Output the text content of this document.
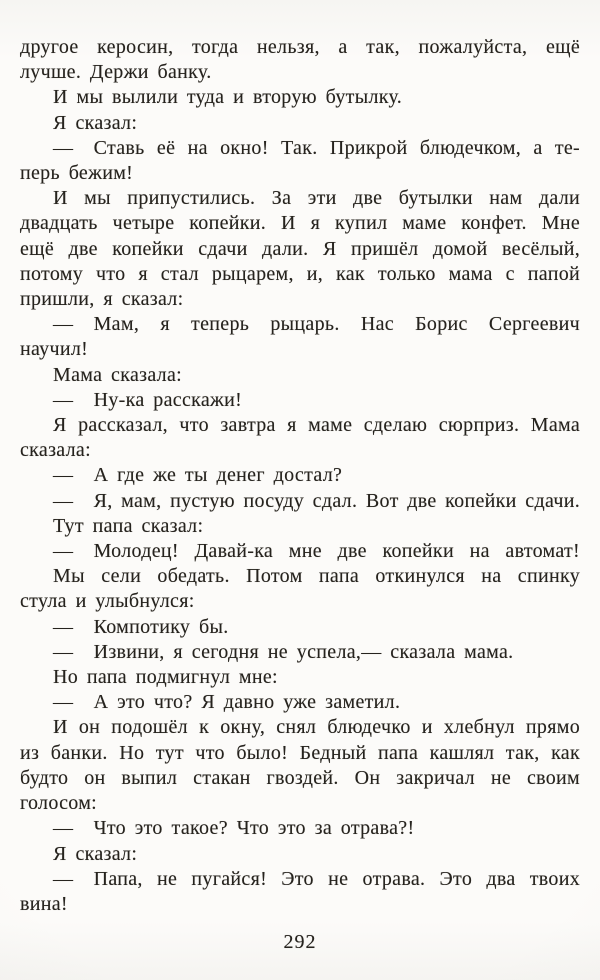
другое керосин, тогда нельзя, а так, пожалуйста, ещё
лучше. Держи банку.
И мы вылили туда и вторую бутылку.
Я сказал:
— Ставь её на окно! Так. Прикрой блюдечком, а те-
перь бежим!
И мы припустились. За эти две бутылки нам дали
двадцать четыре копейки. И я купил маме конфет. Мне
ещё две копейки сдачи дали. Я пришёл домой весёлый,
потому что я стал рыцарем, и, как только мама с папой
пришли, я сказал:
— Мам, я теперь рыцарь. Нас Борис Сергеевич
научил!
Мама сказала:
— Ну-ка расскажи!
Я рассказал, что завтра я маме сделаю сюрприз. Мама
сказала:
— А где же ты денег достал?
— Я, мам, пустую посуду сдал. Вот две копейки сдачи.
Тут папа сказал:
— Молодец! Давай-ка мне две копейки на автомат!
Мы сели обедать. Потом папа откинулся на спинку
стула и улыбнулся:
— Компотику бы.
— Извини, я сегодня не успела,— сказала мама.
Но папа подмигнул мне:
— А это что? Я давно уже заметил.
И он подошёл к окну, снял блюдечко и хлебнул прямо
из банки. Но тут что было! Бедный папа кашлял так, как
будто он выпил стакан гвоздей. Он закричал не своим
голосом:
— Что это такое? Что это за отрава?!
Я сказал:
— Папа, не пугайся! Это не отрава. Это два твоих
вина!
292
